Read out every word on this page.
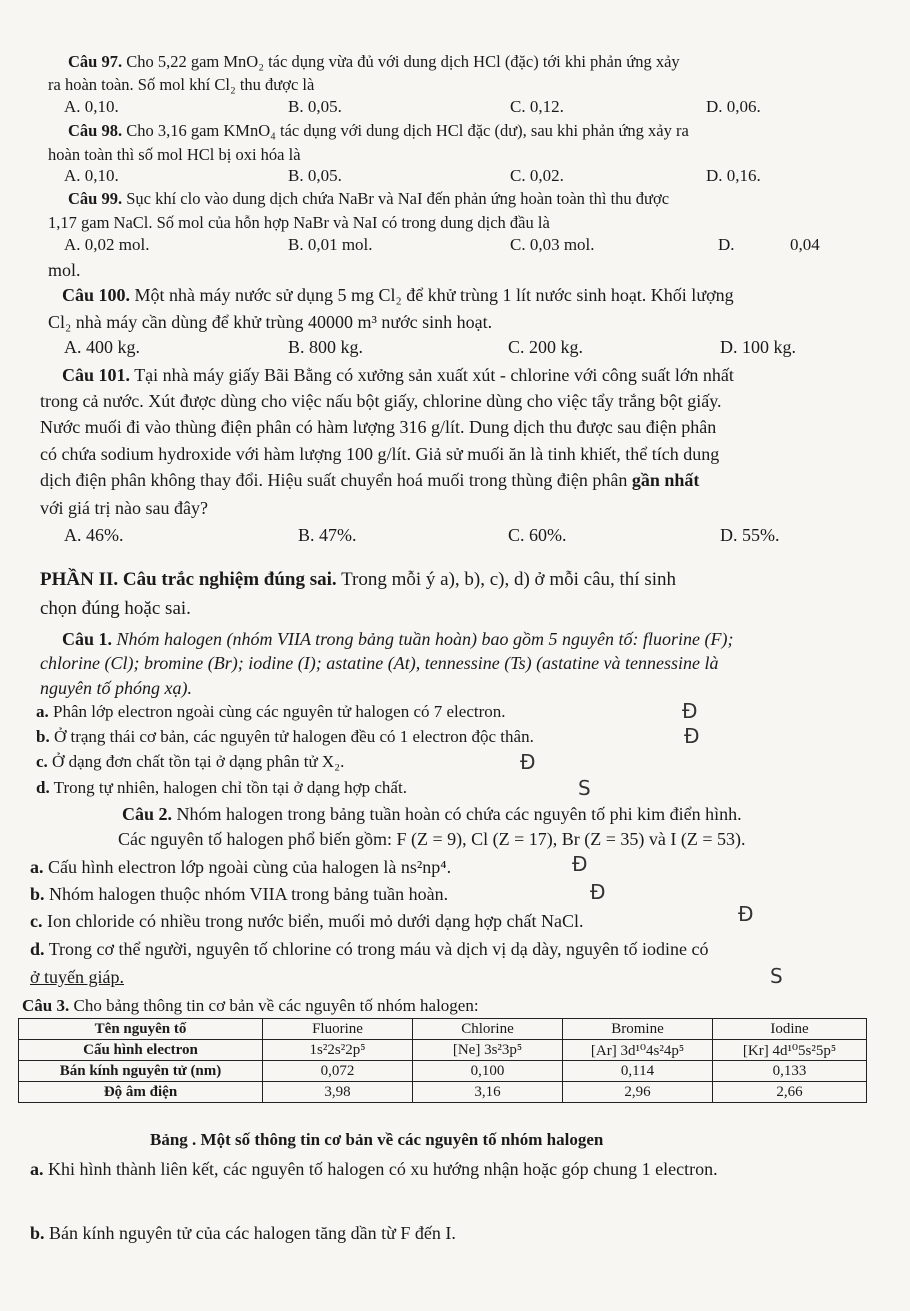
Câu 97. Cho 5,22 gam MnO₂ tác dụng vừa đủ với dung dịch HCl (đặc) tới khi phản ứng xảy
ra hoàn toàn. Số mol khí Cl₂ thu được là
A. 0,10.	B. 0,05.	C. 0,12.	D. 0,06.
Câu 98. Cho 3,16 gam KMnO₄ tác dụng với dung dịch HCl đặc (dư), sau khi phản ứng xảy ra
hoàn toàn thì số mol HCl bị oxi hóa là
A. 0,10.	B. 0,05.	C. 0,02.	D. 0,16.
Câu 99. Sục khí clo vào dung dịch chứa NaBr và NaI đến phản ứng hoàn toàn thì thu được
1,17 gam NaCl. Số mol của hỗn hợp NaBr và NaI có trong dung dịch đầu là
A. 0,02 mol.	B. 0,01 mol.	C. 0,03 mol.	D.	0,04
mol.
Câu 100. Một nhà máy nước sử dụng 5 mg Cl₂ để khử trùng 1 lít nước sinh hoạt. Khối lượng
Cl₂ nhà máy cần dùng để khử trùng 40000 m³ nước sinh hoạt.
A. 400 kg.	B. 800 kg.	C. 200 kg.	D. 100 kg.
Câu 101. Tại nhà máy giấy Bãi Bằng có xưởng sản xuất xút - chlorine với công suất lớn nhất
trong cả nước. Xút được dùng cho việc nấu bột giấy, chlorine dùng cho việc tẩy trắng bột giấy.
Nước muối đi vào thùng điện phân có hàm lượng 316 g/lít. Dung dịch thu được sau điện phân
có chứa sodium hydroxide với hàm lượng 100 g/lít. Giả sử muối ăn là tinh khiết, thể tích dung
dịch điện phân không thay đổi. Hiệu suất chuyển hoá muối trong thùng điện phân gần nhất
với giá trị nào sau đây?
A. 46%.	B. 47%.	C. 60%.	D. 55%.
PHẦN II. Câu trắc nghiệm đúng sai. Trong mỗi ý a), b), c), d) ở mỗi câu, thí sinh
chọn đúng hoặc sai.
Câu 1. Nhóm halogen (nhóm VIIA trong bảng tuần hoàn) bao gồm 5 nguyên tố: fluorine (F);
chlorine (Cl); bromine (Br); iodine (I); astatine (At), tennessine (Ts) (astatine và tennessine là
nguyên tố phóng xạ).
a. Phân lớp electron ngoài cùng các nguyên tử halogen có 7 electron.
b. Ở trạng thái cơ bản, các nguyên tử halogen đều có 1 electron độc thân.
c. Ở dạng đơn chất tồn tại ở dạng phân tử X₂.
d. Trong tự nhiên, halogen chỉ tồn tại ở dạng hợp chất.
Đ
Đ
Đ
S
Câu 2. Nhóm halogen trong bảng tuần hoàn có chứa các nguyên tố phi kim điển hình.
Các nguyên tố halogen phổ biến gồm: F (Z = 9), Cl (Z = 17), Br (Z = 35) và I (Z = 53).
a. Cấu hình electron lớp ngoài cùng của halogen là ns²np⁴.
b. Nhóm halogen thuộc nhóm VIIA trong bảng tuần hoàn.
c. Ion chloride có nhiều trong nước biển, muối mỏ dưới dạng hợp chất NaCl.
d. Trong cơ thể người, nguyên tố chlorine có trong máu và dịch vị dạ dày, nguyên tố iodine có
ở tuyến giáp.
Đ
Đ
Đ
S
Câu 3. Cho bảng thông tin cơ bản về các nguyên tố nhóm halogen:
Tên nguyên tố	Fluorine	Chlorine	Bromine	Iodine
Cấu hình electron	1s²2s²2p⁵	[Ne] 3s²3p⁵	[Ar] 3d¹⁰4s²4p⁵	[Kr] 4d¹⁰5s²5p⁵
Bán kính nguyên tử (nm)	0,072	0,100	0,114	0,133
Độ âm điện	3,98	3,16	2,96	2,66
Bảng . Một số thông tin cơ bản về các nguyên tố nhóm halogen
a. Khi hình thành liên kết, các nguyên tố halogen có xu hướng nhận hoặc góp chung 1 electron.
b. Bán kính nguyên tử của các halogen tăng dần từ F đến I.
